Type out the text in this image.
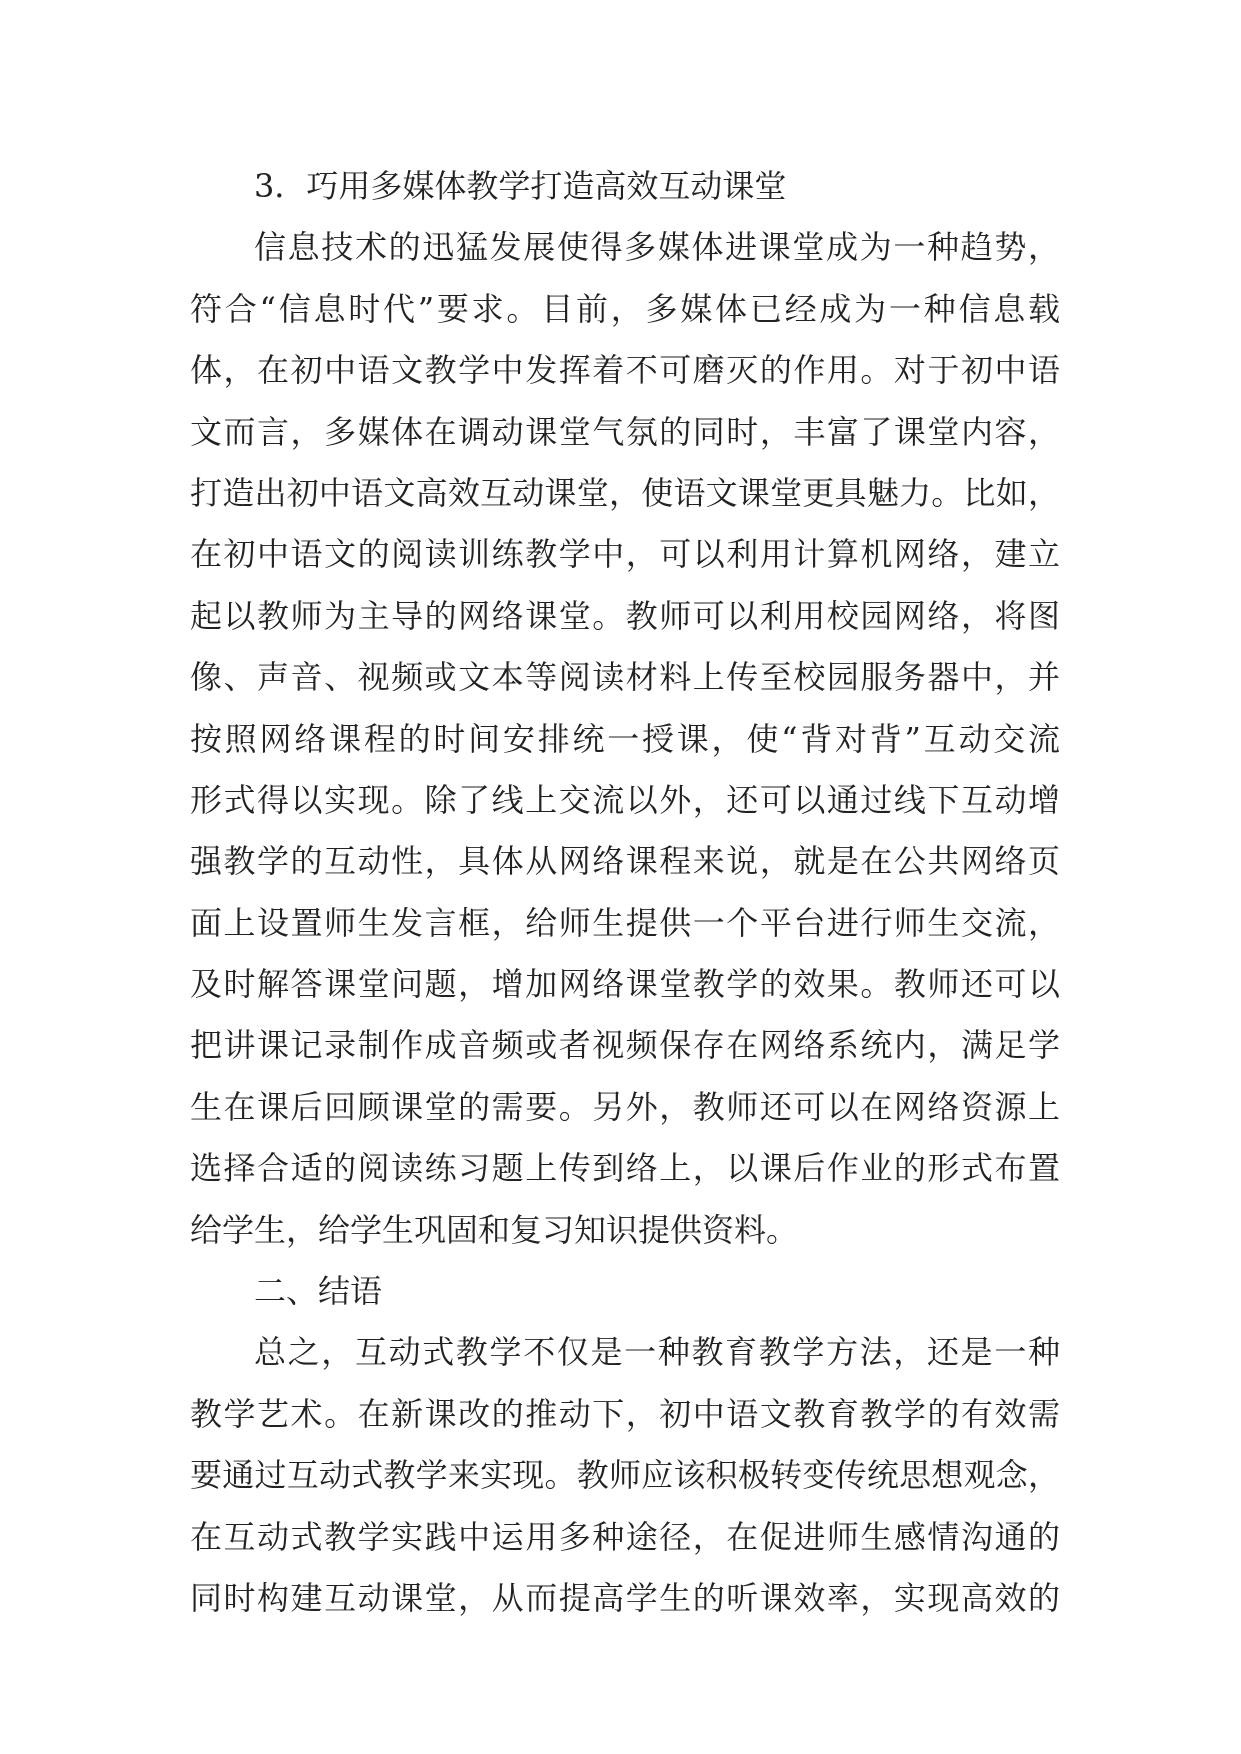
3．巧用多媒体教学打造高效互动课堂
信息技术的迅猛发展使得多媒体进课堂成为一种趋势，
符合“信息时代”要求。目前，多媒体已经成为一种信息载
体，在初中语文教学中发挥着不可磨灭的作用。对于初中语
文而言，多媒体在调动课堂气氛的同时，丰富了课堂内容，
打造出初中语文高效互动课堂，使语文课堂更具魅力。比如，
在初中语文的阅读训练教学中，可以利用计算机网络，建立
起以教师为主导的网络课堂。教师可以利用校园网络，将图
像、声音、视频或文本等阅读材料上传至校园服务器中，并
按照网络课程的时间安排统一授课，使“背对背”互动交流
形式得以实现。除了线上交流以外，还可以通过线下互动增
强教学的互动性，具体从网络课程来说，就是在公共网络页
面上设置师生发言框，给师生提供一个平台进行师生交流，
及时解答课堂问题，增加网络课堂教学的效果。教师还可以
把讲课记录制作成音频或者视频保存在网络系统内，满足学
生在课后回顾课堂的需要。另外，教师还可以在网络资源上
选择合适的阅读练习题上传到络上，以课后作业的形式布置
给学生，给学生巩固和复习知识提供资料。
二、结语
总之，互动式教学不仅是一种教育教学方法，还是一种
教学艺术。在新课改的推动下，初中语文教育教学的有效需
要通过互动式教学来实现。教师应该积极转变传统思想观念，
在互动式教学实践中运用多种途径，在促进师生感情沟通的
同时构建互动课堂，从而提高学生的听课效率，实现高效的
